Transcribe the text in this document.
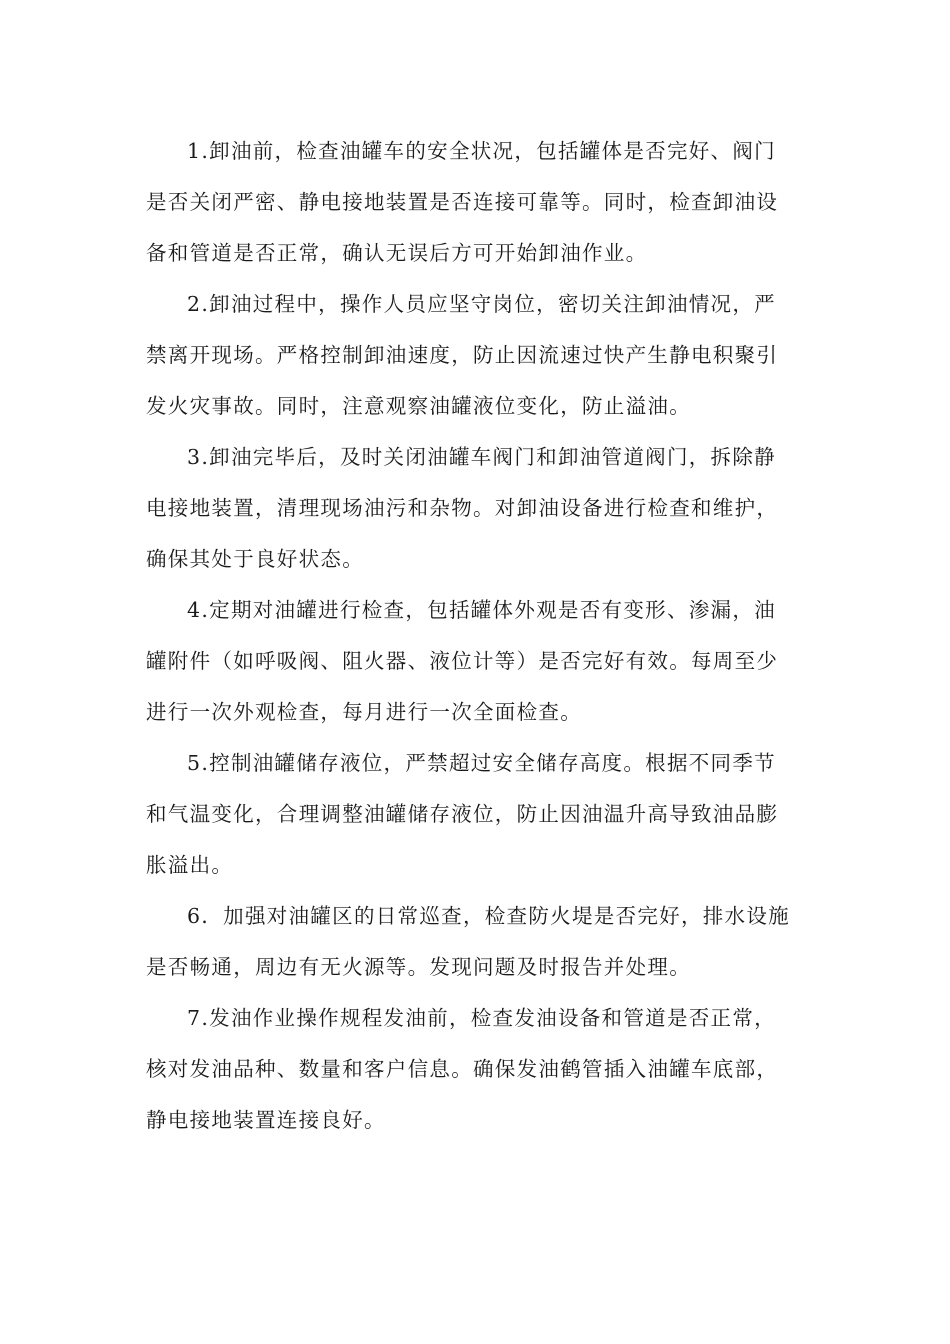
1.卸油前，检查油罐车的安全状况，包括罐体是否完好、阀门
是否关闭严密、静电接地装置是否连接可靠等。同时，检查卸油设
备和管道是否正常，确认无误后方可开始卸油作业。

2.卸油过程中，操作人员应坚守岗位，密切关注卸油情况，严
禁离开现场。严格控制卸油速度，防止因流速过快产生静电积聚引
发火灾事故。同时，注意观察油罐液位变化，防止溢油。

3.卸油完毕后，及时关闭油罐车阀门和卸油管道阀门，拆除静
电接地装置，清理现场油污和杂物。对卸油设备进行检查和维护，
确保其处于良好状态。

4.定期对油罐进行检查，包括罐体外观是否有变形、渗漏，油
罐附件（如呼吸阀、阻火器、液位计等）是否完好有效。每周至少
进行一次外观检查，每月进行一次全面检查。

5.控制油罐储存液位，严禁超过安全储存高度。根据不同季节
和气温变化，合理调整油罐储存液位，防止因油温升高导致油品膨
胀溢出。

6．加强对油罐区的日常巡查，检查防火堤是否完好，排水设施
是否畅通，周边有无火源等。发现问题及时报告并处理。

7.发油作业操作规程发油前，检查发油设备和管道是否正常，
核对发油品种、数量和客户信息。确保发油鹤管插入油罐车底部，
静电接地装置连接良好。
